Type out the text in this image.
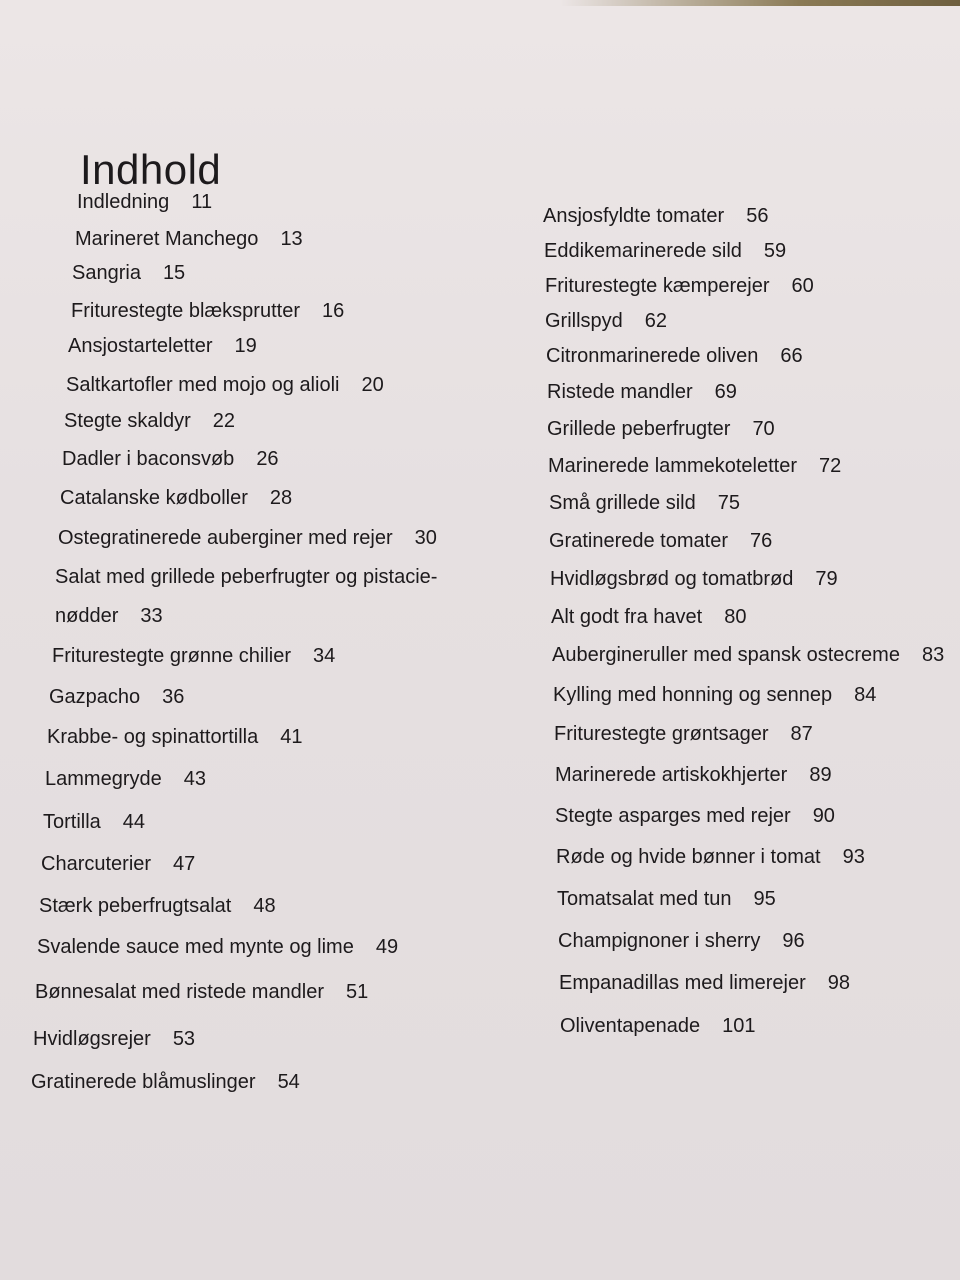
Indhold
Indledning 11
Marineret Manchego 13
Sangria 15
Friturestegte blæksprutter 16
Ansjostarteletter 19
Saltkartofler med mojo og alioli 20
Stegte skaldyr 22
Dadler i baconsvøb 26
Catalanske kødboller 28
Ostegratinerede auberginer med rejer 30
Salat med grillede peberfrugter og pistacie-
nødder 33
Friturestegte grønne chilier 34
Gazpacho 36
Krabbe- og spinattortilla 41
Lammegryde 43
Tortilla 44
Charcuterier 47
Stærk peberfrugtsalat 48
Svalende sauce med mynte og lime 49
Bønnesalat med ristede mandler 51
Hvidløgsrejer 53
Gratinerede blåmuslinger 54
Ansjosfyldte tomater 56
Eddikemarinerede sild 59
Friturestegte kæmperejer 60
Grillspyd 62
Citronmarinerede oliven 66
Ristede mandler 69
Grillede peberfrugter 70
Marinerede lammekoteletter 72
Små grillede sild 75
Gratinerede tomater 76
Hvidløgsbrød og tomatbrød 79
Alt godt fra havet 80
Aubergineruller med spansk ostecreme 83
Kylling med honning og sennep 84
Friturestegte grøntsager 87
Marinerede artiskokhjerter 89
Stegte asparges med rejer 90
Røde og hvide bønner i tomat 93
Tomatsalat med tun 95
Champignoner i sherry 96
Empanadillas med limerejer 98
Oliventapenade 101
